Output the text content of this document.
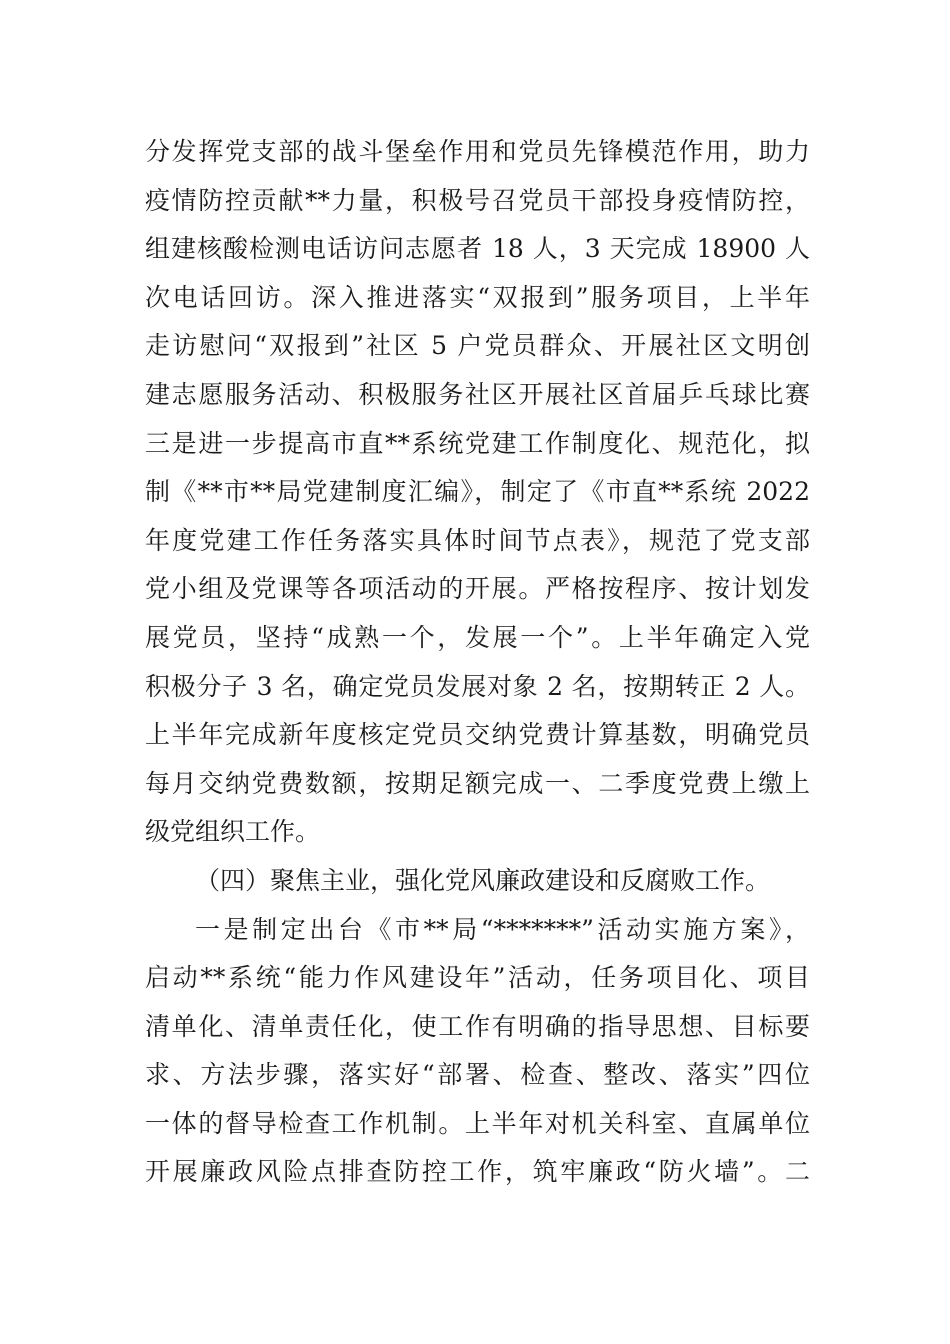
分发挥党支部的战斗堡垒作用和党员先锋模范作用，助力
疫情防控贡献**力量，积极号召党员干部投身疫情防控，
组建核酸检测电话访问志愿者 18 人，3 天完成 18900 人
次电话回访。深入推进落实“双报到”服务项目，上半年
走访慰问“双报到”社区 5 户党员群众、开展社区文明创
建志愿服务活动、积极服务社区开展社区首届乒乓球比赛
三是进一步提高市直**系统党建工作制度化、规范化，拟
制《**市**局党建制度汇编》，制定了《市直**系统 2022
年度党建工作任务落实具体时间节点表》，规范了党支部
党小组及党课等各项活动的开展。严格按程序、按计划发
展党员，坚持“成熟一个，发展一个”。上半年确定入党
积极分子 3 名，确定党员发展对象 2 名，按期转正 2 人。
上半年完成新年度核定党员交纳党费计算基数，明确党员
每月交纳党费数额，按期足额完成一、二季度党费上缴上
级党组织工作。
（四）聚焦主业，强化党风廉政建设和反腐败工作。
一是制定出台《市**局“*******”活动实施方案》，
启动**系统“能力作风建设年”活动，任务项目化、项目
清单化、清单责任化，使工作有明确的指导思想、目标要
求、方法步骤，落实好“部署、检查、整改、落实”四位
一体的督导检查工作机制。上半年对机关科室、直属单位
开展廉政风险点排查防控工作，筑牢廉政“防火墙”。二
